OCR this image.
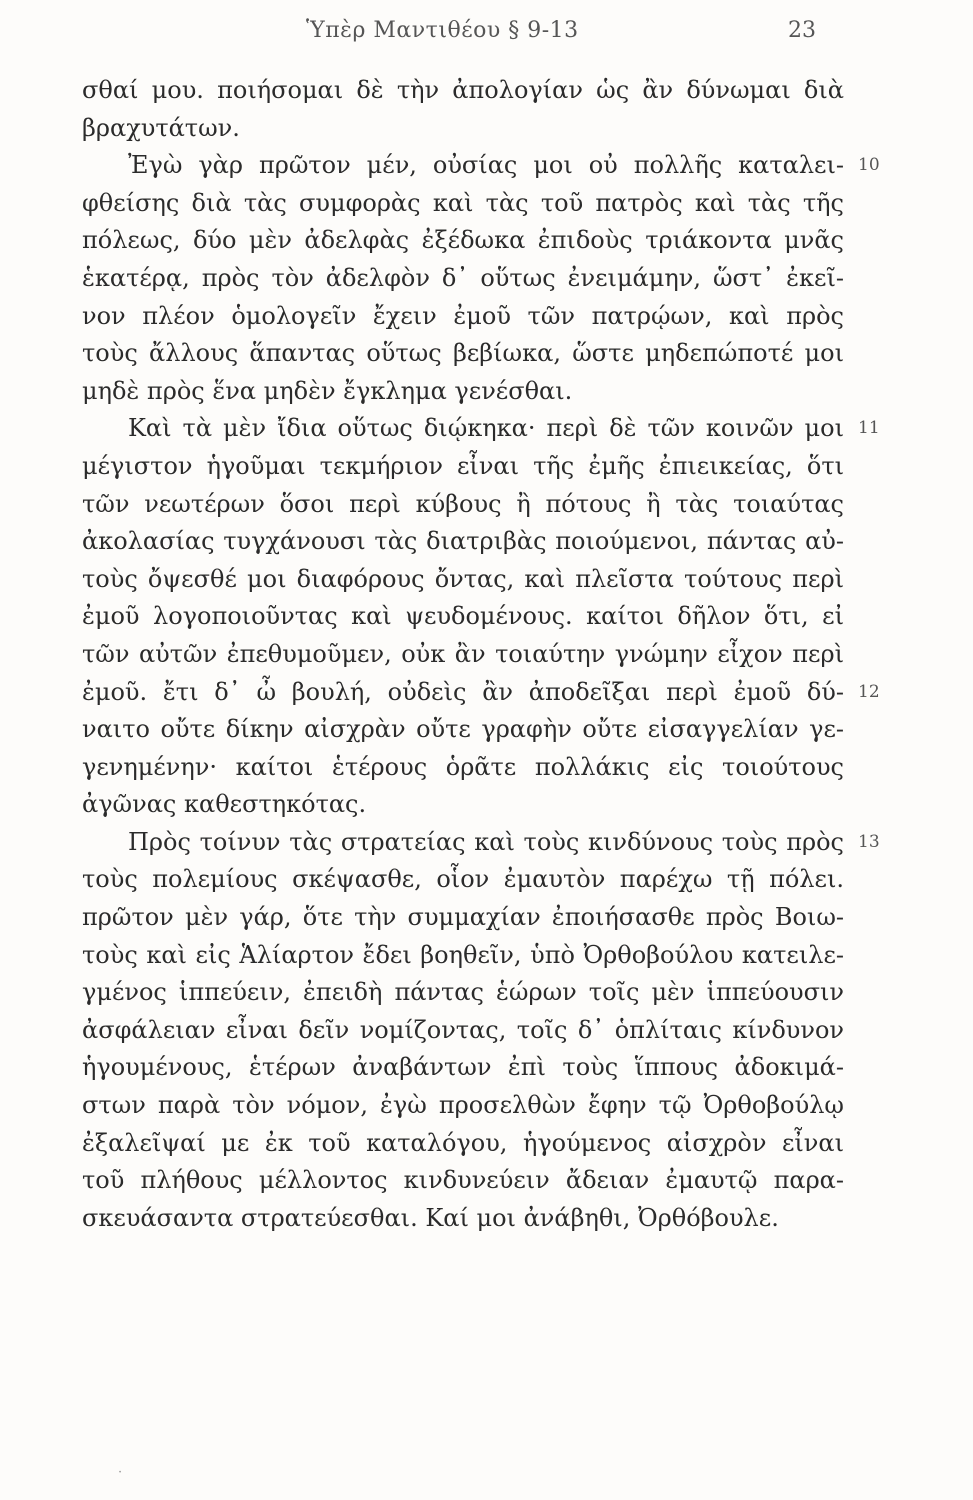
Ὑπὲρ Μαντιθέου § 9-13	23
σθαί μου. ποιήσομαι δὲ τὴν ἀπολογίαν ὡς ἂν δύνωμαι διὰ
βραχυτάτων.
Ἐγὼ γὰρ πρῶτον μέν, οὐσίας μοι οὐ πολλῆς καταλει- 10
φθείσης διὰ τὰς συμφορὰς καὶ τὰς τοῦ πατρὸς καὶ τὰς τῆς
πόλεως, δύο μὲν ἀδελφὰς ἐξέδωκα ἐπιδοὺς τριάκοντα μνᾶς
ἑκατέρᾳ, πρὸς τὸν ἀδελφὸν δ᾽ οὕτως ἐνειμάμην, ὥστ᾽ ἐκεῖ-
νον πλέον ὁμολογεῖν ἔχειν ἐμοῦ τῶν πατρῴων, καὶ πρὸς
τοὺς ἄλλους ἅπαντας οὕτως βεβίωκα, ὥστε μηδεπώποτέ μοι
μηδὲ πρὸς ἕνα μηδὲν ἔγκλημα γενέσθαι.
Καὶ τὰ μὲν ἴδια οὕτως διῴκηκα· περὶ δὲ τῶν κοινῶν μοι 11
μέγιστον ἡγοῦμαι τεκμήριον εἶναι τῆς ἐμῆς ἐπιεικείας, ὅτι
τῶν νεωτέρων ὅσοι περὶ κύβους ἢ πότους ἢ τὰς τοιαύτας
ἀκολασίας τυγχάνουσι τὰς διατριβὰς ποιούμενοι, πάντας αὐ-
τοὺς ὄψεσθέ μοι διαφόρους ὄντας, καὶ πλεῖστα τούτους περὶ
ἐμοῦ λογοποιοῦντας καὶ ψευδομένους. καίτοι δῆλον ὅτι, εἰ
τῶν αὐτῶν ἐπεθυμοῦμεν, οὐκ ἂν τοιαύτην γνώμην εἶχον περὶ
ἐμοῦ. ἔτι δ᾽ ὦ βουλή, οὐδεὶς ἂν ἀποδεῖξαι περὶ ἐμοῦ δύ- 12
ναιτο οὔτε δίκην αἰσχρὰν οὔτε γραφὴν οὔτε εἰσαγγελίαν γε-
γενημένην· καίτοι ἑτέρους ὁρᾶτε πολλάκις εἰς τοιούτους
ἀγῶνας καθεστηκότας.
Πρὸς τοίνυν τὰς στρατείας καὶ τοὺς κινδύνους τοὺς πρὸς 13
τοὺς πολεμίους σκέψασθε, οἷον ἐμαυτὸν παρέχω τῇ πόλει.
πρῶτον μὲν γάρ, ὅτε τὴν συμμαχίαν ἐποιήσασθε πρὸς Βοιω-
τοὺς καὶ εἰς Ἁλίαρτον ἔδει βοηθεῖν, ὑπὸ Ὀρθοβούλου κατειλε-
γμένος ἱππεύειν, ἐπειδὴ πάντας ἑώρων τοῖς μὲν ἱππεύουσιν
ἀσφάλειαν εἶναι δεῖν νομίζοντας, τοῖς δ᾽ ὁπλίταις κίνδυνον
ἡγουμένους, ἑτέρων ἀναβάντων ἐπὶ τοὺς ἵππους ἀδοκιμά-
στων παρὰ τὸν νόμον, ἐγὼ προσελθὼν ἔφην τῷ Ὀρθοβούλῳ
ἐξαλεῖψαί με ἐκ τοῦ καταλόγου, ἡγούμενος αἰσχρὸν εἶναι
τοῦ πλήθους μέλλοντος κινδυνεύειν ἄδειαν ἐμαυτῷ παρα-
σκευάσαντα στρατεύεσθαι. Καί μοι ἀνάβηθι, Ὀρθόβουλε.
·
